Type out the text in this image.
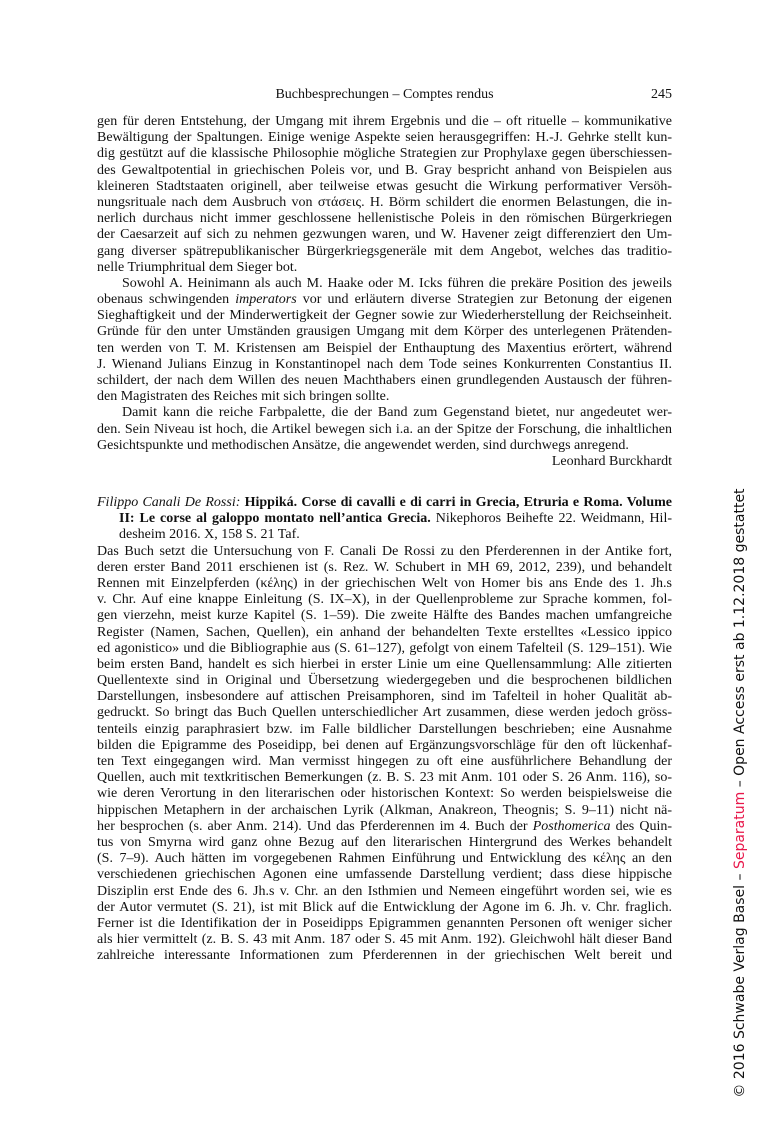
Buchbesprechungen – Comptes rendus	245
gen für deren Entstehung, der Umgang mit ihrem Ergebnis und die – oft rituelle – kommunikative
Bewältigung der Spaltungen. Einige wenige Aspekte seien herausgegriffen: H.-J. Gehrke stellt kun-
dig gestützt auf die klassische Philosophie mögliche Strategien zur Prophylaxe gegen überschiessen-
des Gewaltpotential in griechischen Poleis vor, und B. Gray bespricht anhand von Beispielen aus
kleineren Stadtstaaten originell, aber teilweise etwas gesucht die Wirkung performativer Versöh-
nungsrituale nach dem Ausbruch von στάσεις. H. Börm schildert die enormen Belastungen, die in-
nerlich durchaus nicht immer geschlossene hellenistische Poleis in den römischen Bürgerkriegen
der Caesarzeit auf sich zu nehmen gezwungen waren, und W. Havener zeigt differenziert den Um-
gang diverser spätrepublikanischer Bürgerkriegsgeneräle mit dem Angebot, welches das traditio-
nelle Triumphritual dem Sieger bot.
Sowohl A. Heinimann als auch M. Haake oder M. Icks führen die prekäre Position des jeweils
obenaus schwingenden imperators vor und erläutern diverse Strategien zur Betonung der eigenen
Sieghaftigkeit und der Minderwertigkeit der Gegner sowie zur Wiederherstellung der Reichseinheit.
Gründe für den unter Umständen grausigen Umgang mit dem Körper des unterlegenen Prätenden-
ten werden von T. M. Kristensen am Beispiel der Enthauptung des Maxentius erörtert, während
J. Wienand Julians Einzug in Konstantinopel nach dem Tode seines Konkurrenten Constantius II.
schildert, der nach dem Willen des neuen Machthabers einen grundlegenden Austausch der führen-
den Magistraten des Reiches mit sich bringen sollte.
Damit kann die reiche Farbpalette, die der Band zum Gegenstand bietet, nur angedeutet wer-
den. Sein Niveau ist hoch, die Artikel bewegen sich i.a. an der Spitze der Forschung, die inhaltlichen
Gesichtspunkte und methodischen Ansätze, die angewendet werden, sind durchwegs anregend.
Leonhard Burckhardt
Filippo Canali De Rossi: Hippiká. Corse di cavalli e di carri in Grecia, Etruria e Roma. Volume
II: Le corse al galoppo montato nell’antica Grecia. Nikephoros Beihefte 22. Weidmann, Hil-
desheim 2016. X, 158 S. 21 Taf.
Das Buch setzt die Untersuchung von F. Canali De Rossi zu den Pferderennen in der Antike fort,
deren erster Band 2011 erschienen ist (s. Rez. W. Schubert in MH 69, 2012, 239), und behandelt
Rennen mit Einzelpferden (κέλης) in der griechischen Welt von Homer bis ans Ende des 1. Jh.s
v. Chr. Auf eine knappe Einleitung (S. IX–X), in der Quellenprobleme zur Sprache kommen, fol-
gen vierzehn, meist kurze Kapitel (S. 1–59). Die zweite Hälfte des Bandes machen umfangreiche
Register (Namen, Sachen, Quellen), ein anhand der behandelten Texte erstelltes «Lessico ippico
ed agonistico» und die Bibliographie aus (S. 61–127), gefolgt von einem Tafelteil (S. 129–151). Wie
beim ersten Band, handelt es sich hierbei in erster Linie um eine Quellensammlung: Alle zitierten
Quellentexte sind in Original und Übersetzung wiedergegeben und die besprochenen bildlichen
Darstellungen, insbesondere auf attischen Preisamphoren, sind im Tafelteil in hoher Qualität ab-
gedruckt. So bringt das Buch Quellen unterschiedlicher Art zusammen, diese werden jedoch gröss-
tenteils einzig paraphrasiert bzw. im Falle bildlicher Darstellungen beschrieben; eine Ausnahme
bilden die Epigramme des Poseidipp, bei denen auf Ergänzungsvorschläge für den oft lückenhaf-
ten Text eingegangen wird. Man vermisst hingegen zu oft eine ausführlichere Behandlung der
Quellen, auch mit textkritischen Bemerkungen (z. B. S. 23 mit Anm. 101 oder S. 26 Anm. 116), so-
wie deren Verortung in den literarischen oder historischen Kontext: So werden beispielsweise die
hippischen Metaphern in der archaischen Lyrik (Alkman, Anakreon, Theognis; S. 9–11) nicht nä-
her besprochen (s. aber Anm. 214). Und das Pferderennen im 4. Buch der Posthomerica des Quin-
tus von Smyrna wird ganz ohne Bezug auf den literarischen Hintergrund des Werkes behandelt
(S. 7–9). Auch hätten im vorgegebenen Rahmen Einführung und Entwicklung des κέλης an den
verschiedenen griechischen Agonen eine umfassende Darstellung verdient; dass diese hippische
Disziplin erst Ende des 6. Jh.s v. Chr. an den Isthmien und Nemeen eingeführt worden sei, wie es
der Autor vermutet (S. 21), ist mit Blick auf die Entwicklung der Agone im 6. Jh. v. Chr. fraglich.
Ferner ist die Identifikation der in Poseidipps Epigrammen genannten Personen oft weniger sicher
als hier vermittelt (z. B. S. 43 mit Anm. 187 oder S. 45 mit Anm. 192). Gleichwohl hält dieser Band
zahlreiche interessante Informationen zum Pferderennen in der griechischen Welt bereit und	© 2016 Schwabe Verlag Basel – Separatum – Open Access erst ab 1.12.2018 gestattet
